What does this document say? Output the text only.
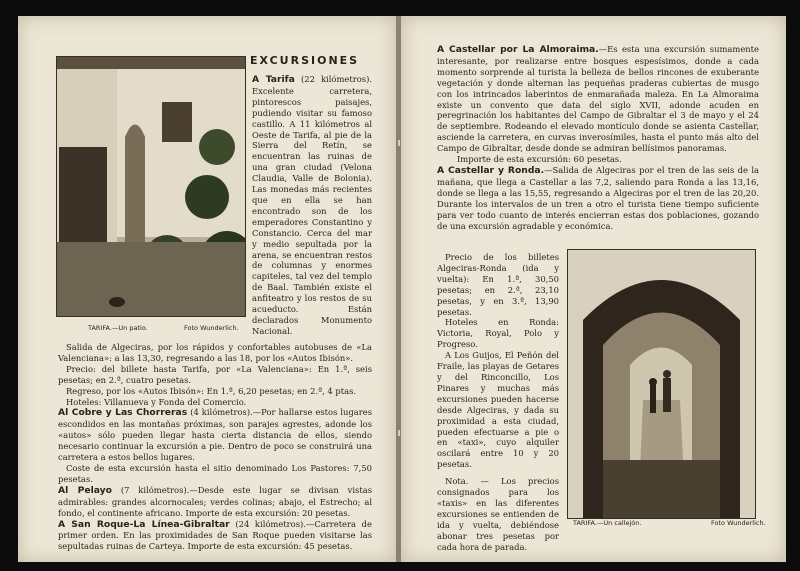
TARIFA.—Un patio.	Foto Wunderlich.
EXCURSIONES

A Tarifa (22 kilómetros). Excelente carretera, pintorescos paisajes, pudiendo visitar su famoso castillo. A 11 kilómetros al Oeste de Tarifa, al pie de la Sierra del Retín, se encuentran las ruinas de una gran ciudad (Velona Claudia, Valle de Bolonia). Las monedas más recientes que en ella se han encontrado son de los emperadores Constantino y Constancio. Cerca del mar y medio sepultada por la arena, se encuentran restos de columnas y enormes capiteles, tal vez del templo de Baal. También existe el anfiteatro y los restos de su acueducto. Están declarados Monumento Nacional.

Salida de Algeciras, por los rápidos y confortables autobuses de «La Valenciana»: a las 13,30, regresando a las 18, por los «Autos Ibisón».

Precio: del billete hasta Tarifa, por «La Valenciana»: En 1.ª, seis pesetas; en 2.ª, cuatro pesetas.

Regreso, por los «Autos Ibisón»: En 1.ª, 6,20 pesetas; en 2.ª, 4 ptas.

Hoteles: Villanueva y Fonda del Comercio.

Al Cobre y Las Chorreras (4 kilómetros).—Por hallarse estos lugares escondidos en las montañas próximas, son parajes agrestes, adonde los «autos» sólo pueden llegar hasta cierta distancia de ellos, siendo necesario continuar la excursión a pie. Dentro de poco se construirá una carretera a estos bellos lugares.

Coste de esta excursión hasta el sitio denominado Los Pastores: 7,50 pesetas.

Al Pelayo (7 kilómetros).—Desde este lugar se divisan vistas admirables: grandes alcornocales; verdes colinas; abajo, el Estrecho; al fondo, el continente africano. Importe de esta excursión: 20 pesetas.

A San Roque-La Línea-Gibraltar (24 kilómetros).—Carretera de primer orden. En las proximidades de San Roque pueden visitarse las sepultadas ruinas de Carteya. Importe de esta excursión: 45 pesetas.

A Castellar por La Almoraima.—Es esta una excursión sumamente interesante, por realizarse entre bosques espesísimos, donde a cada momento sorprende al turista la belleza de bellos rincones de exuberante vegetación y donde alternan las pequeñas praderas cubiertas de musgo con los intrincados laberintos de enmarañada maleza. En La Almoraima existe un convento que data del siglo XVII, adonde acuden en peregrinación los habitantes del Campo de Gibraltar el 3 de mayo y el 24 de septiembre. Rodeando el elevado montículo donde se asienta Castellar, asciende la carretera, en curvas inverosímiles, hasta el punto más alto del Campo de Gibraltar, desde donde se admiran bellísimos panoramas.

Importe de esta excursión: 60 pesetas.

A Castellar y Ronda.—Salida de Algeciras por el tren de las seis de la mañana, que llega a Castellar a las 7,2, saliendo para Ronda a las 13,16, donde se llega a las 15,55, regresando a Algeciras por el tren de las 20,20. Durante los intervalos de un tren a otro el turista tiene tiempo suficiente para ver todo cuanto de interés encierran estas dos poblaciones, gozando de una excursión agradable y económica.

Precio de los billetes Algeciras-Ronda (ida y vuelta): En 1.ª, 30,50 pesetas; en 2.ª, 23,10 pesetas, y en 3.ª, 13,90 pesetas.

Hoteles en Ronda: Victoria, Royal, Polo y Progreso.

A Los Guijos, El Peñón del Fraile, las playas de Getares y del Rinconcillo, Los Pinares y muchas más excursiones pueden hacerse desde Algeciras, y dada su proximidad a esta ciudad, pueden efectuarse a pie o en «taxi», cuyo alquiler oscilará entre 10 y 20 pesetas.

Nota. — Los precios consignados para los «taxis» en las diferentes excursiones se entienden de ida y vuelta, debiéndose abonar tres pesetas por cada hora de parada.

TARIFA.—Un callejón.	Foto Wunderlich.
